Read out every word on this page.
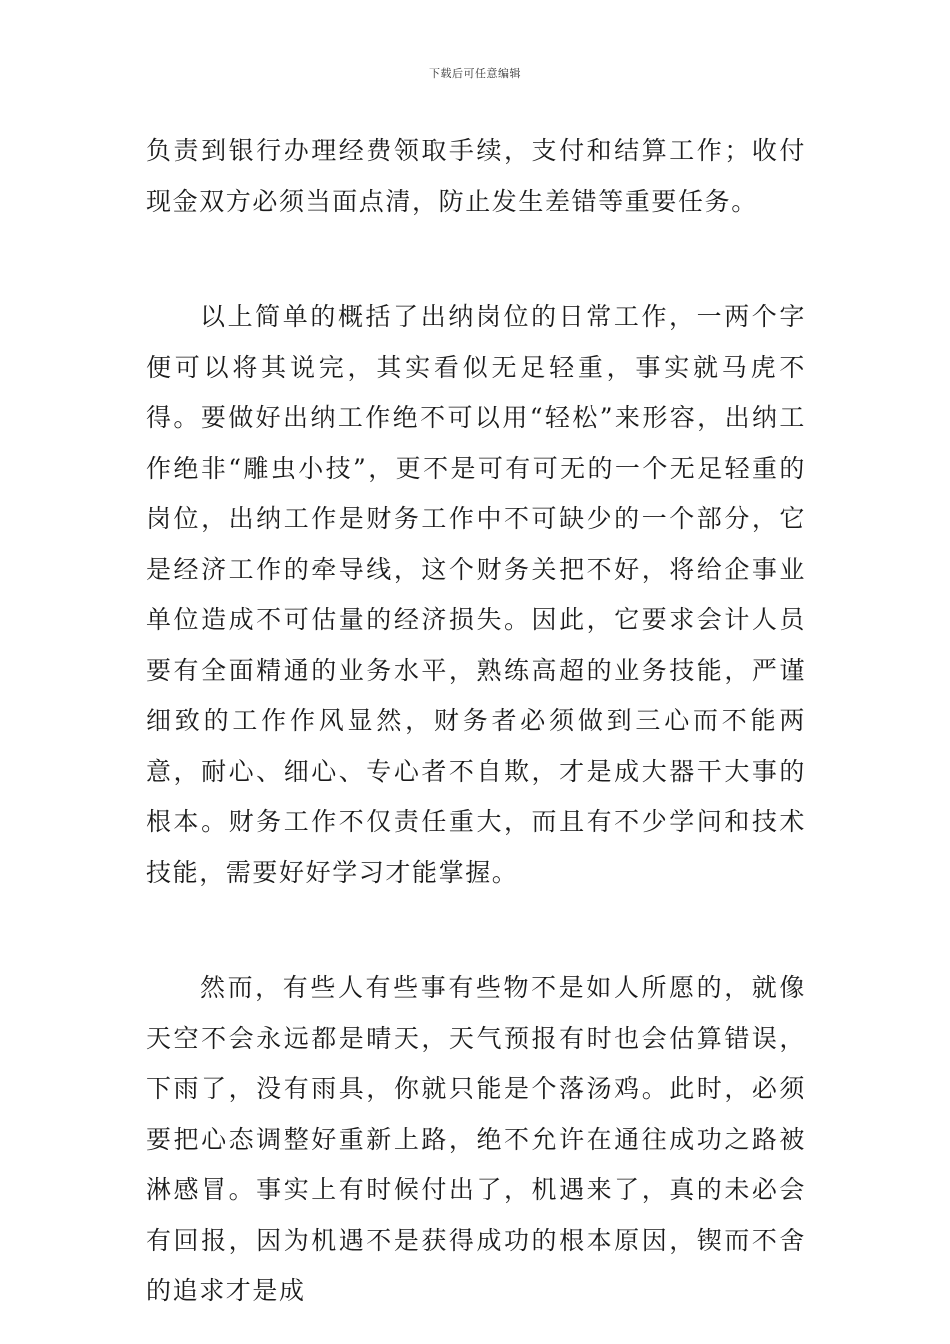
下载后可任意编辑

负责到银行办理经费领取手续，支付和结算工作；收付现金双方必须当面点清，防止发生差错等重要任务。

以上简单的概括了出纳岗位的日常工作，一两个字便可以将其说完，其实看似无足轻重，事实就马虎不得。要做好出纳工作绝不可以用“轻松”来形容，出纳工作绝非“雕虫小技”，更不是可有可无的一个无足轻重的岗位，出纳工作是财务工作中不可缺少的一个部分，它是经济工作的牵导线，这个财务关把不好，将给企事业单位造成不可估量的经济损失。因此，它要求会计人员要有全面精通的业务水平，熟练高超的业务技能，严谨细致的工作作风显然，财务者必须做到三心而不能两意，耐心、细心、专心者不自欺，才是成大器干大事的根本。财务工作不仅责任重大，而且有不少学问和技术技能，需要好好学习才能掌握。

然而，有些人有些事有些物不是如人所愿的，就像天空不会永远都是晴天，天气预报有时也会估算错误，下雨了，没有雨具，你就只能是个落汤鸡。此时，必须要把心态调整好重新上路，绝不允许在通往成功之路被淋感冒。事实上有时候付出了，机遇来了，真的未必会有回报，因为机遇不是获得成功的根本原因，锲而不舍的追求才是成
